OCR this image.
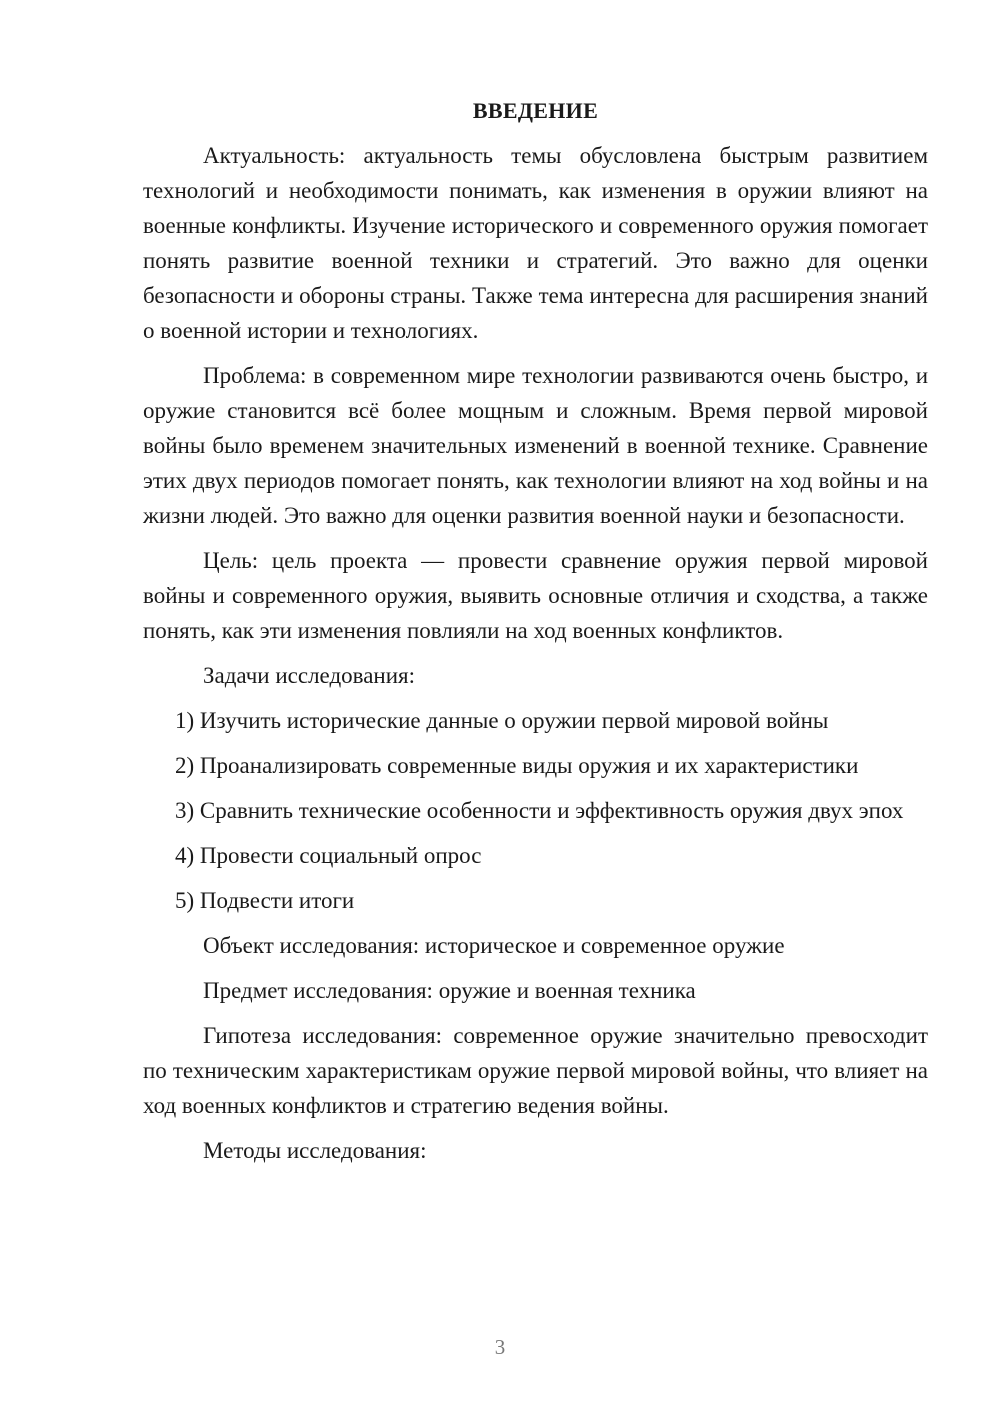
ВВЕДЕНИЕ

Актуальность: актуальность темы обусловлена быстрым развитием технологий и необходимости понимать, как изменения в оружии влияют на военные конфликты. Изучение исторического и современного оружия помогает понять развитие военной техники и стратегий. Это важно для оценки безопасности и обороны страны. Также тема интересна для расширения знаний о военной истории и технологиях.

Проблема: в современном мире технологии развиваются очень быстро, и оружие становится всё более мощным и сложным. Время первой мировой войны было временем значительных изменений в военной технике. Сравнение этих двух периодов помогает понять, как технологии влияют на ход войны и на жизни людей. Это важно для оценки развития военной науки и безопасности.

Цель: цель проекта — провести сравнение оружия первой мировой войны и современного оружия, выявить основные отличия и сходства, а также понять, как эти изменения повлияли на ход военных конфликтов.

Задачи исследования:

1) Изучить исторические данные о оружии первой мировой войны

2) Проанализировать современные виды оружия и их характеристики

3) Сравнить технические особенности и эффективность оружия двух эпох

4) Провести социальный опрос

5) Подвести итоги

Объект исследования: историческое и современное оружие

Предмет исследования: оружие и военная техника

Гипотеза исследования: современное оружие значительно превосходит по техническим характеристикам оружие первой мировой войны, что влияет на ход военных конфликтов и стратегию ведения войны.

Методы исследования:

3
